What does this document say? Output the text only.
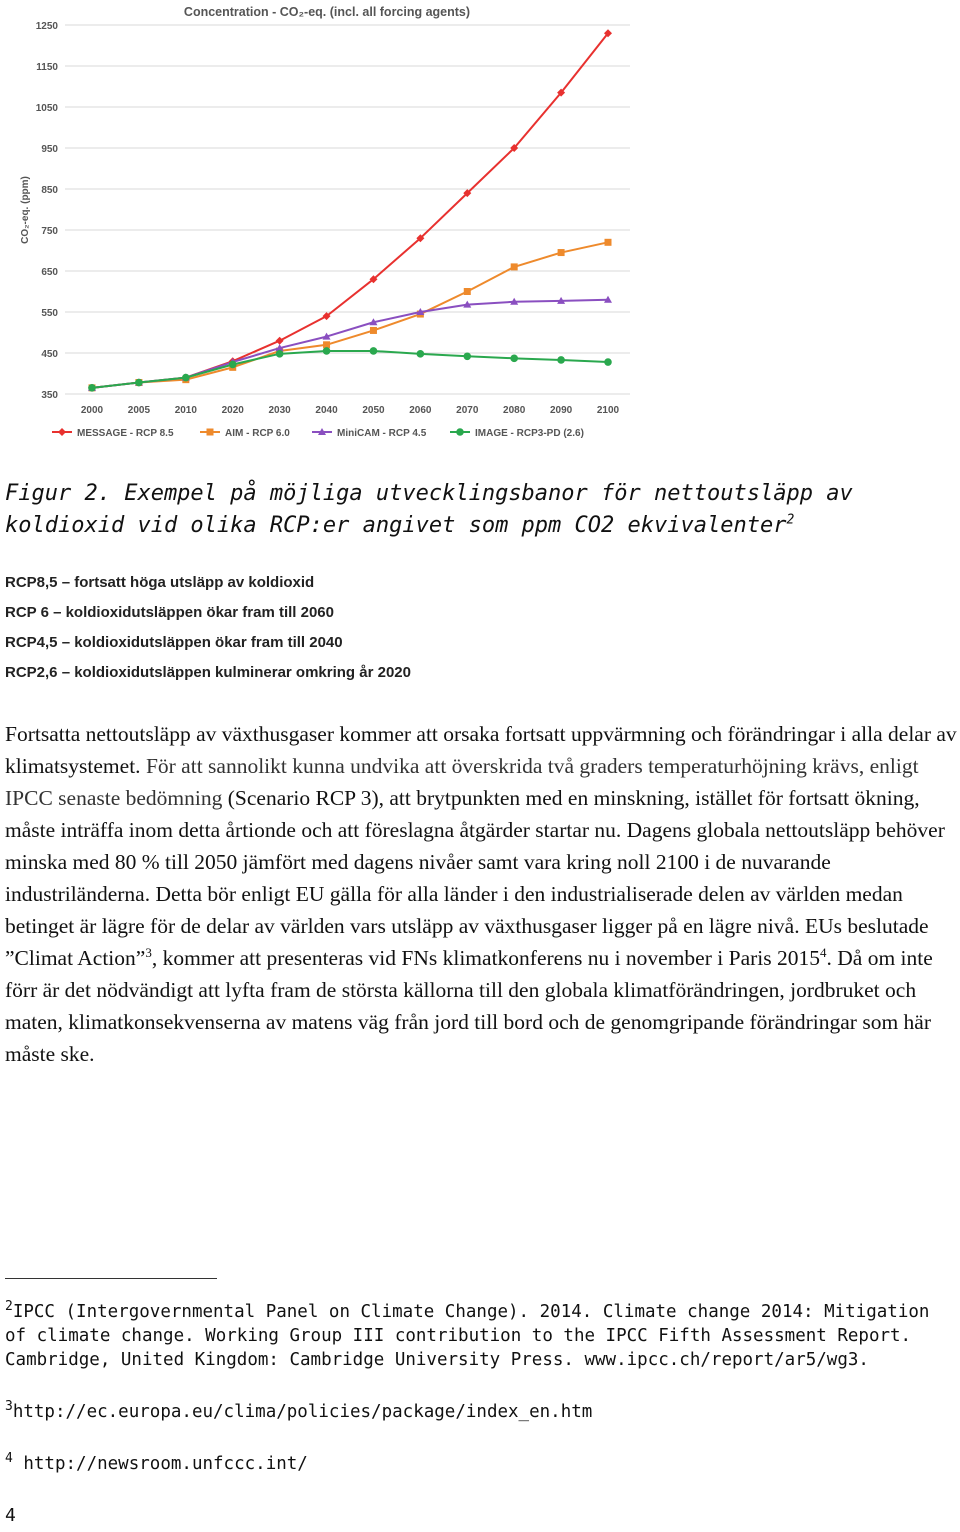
Concentration - CO₂-eq. (incl. all forcing agents)
CO₂-eq. (ppm)
350
450
550
650
750
850
950
1050
1150
1250
2000 2005 2010 2020 2030 2040 2050 2060 2070 2080 2090 2100
MESSAGE - RCP 8.5	AIM - RCP 6.0	MiniCAM - RCP 4.5	IMAGE - RCP3-PD (2.6)
Figur 2. Exempel på möjliga utvecklingsbanor för nettoutsläpp av koldioxid vid olika RCP:er angivet som ppm CO2 ekvivalenter$^2$
RCP8,5 – fortsatt höga utsläpp av koldioxid
RCP 6 – koldioxidutsläppen ökar fram till 2060
RCP4,5 – koldioxidutsläppen ökar fram till 2040
RCP2,6 – koldioxidutsläppen kulminerar omkring år 2020

Fortsatta nettoutsläpp av växthusgaser kommer att orsaka fortsatt uppvärmning och förändringar i alla delar av klimatsystemet. För att sannolikt kunna undvika att överskrida två graders temperaturhöjning krävs, enligt IPCC senaste bedömning (Scenario RCP 3), att brytpunkten med en minskning, istället för fortsatt ökning, måste inträffa inom detta årtionde och att föreslagna åtgärder startar nu. Dagens globala nettoutsläpp behöver minska med 80 % till 2050 jämfört med dagens nivåer samt vara kring noll 2100 i de nuvarande industriländerna. Detta bör enligt EU gälla för alla länder i den industrialiserade delen av världen medan betinget är lägre för de delar av världen vars utsläpp av växthusgaser ligger på en lägre nivå. EUs beslutade ”Climat Action”$^3$, kommer att presenteras vid FNs klimatkonferens nu i november i Paris 2015$^4$. Då om inte förr är det nödvändigt att lyfta fram de största källorna till den globala klimatförändringen, jordbruket och maten, klimatkonsekvenserna av matens väg från jord till bord och de genomgripande förändringar som här måste ske.

$^2$IPCC (Intergovernmental Panel on Climate Change). 2014. Climate change 2014: Mitigation of climate change. Working Group III contribution to the IPCC Fifth Assessment Report. Cambridge, United Kingdom: Cambridge University Press. www.ipcc.ch/report/ar5/wg3.
$^3$http://ec.europa.eu/clima/policies/package/index_en.htm
$^4$ http://newsroom.unfccc.int/
4
